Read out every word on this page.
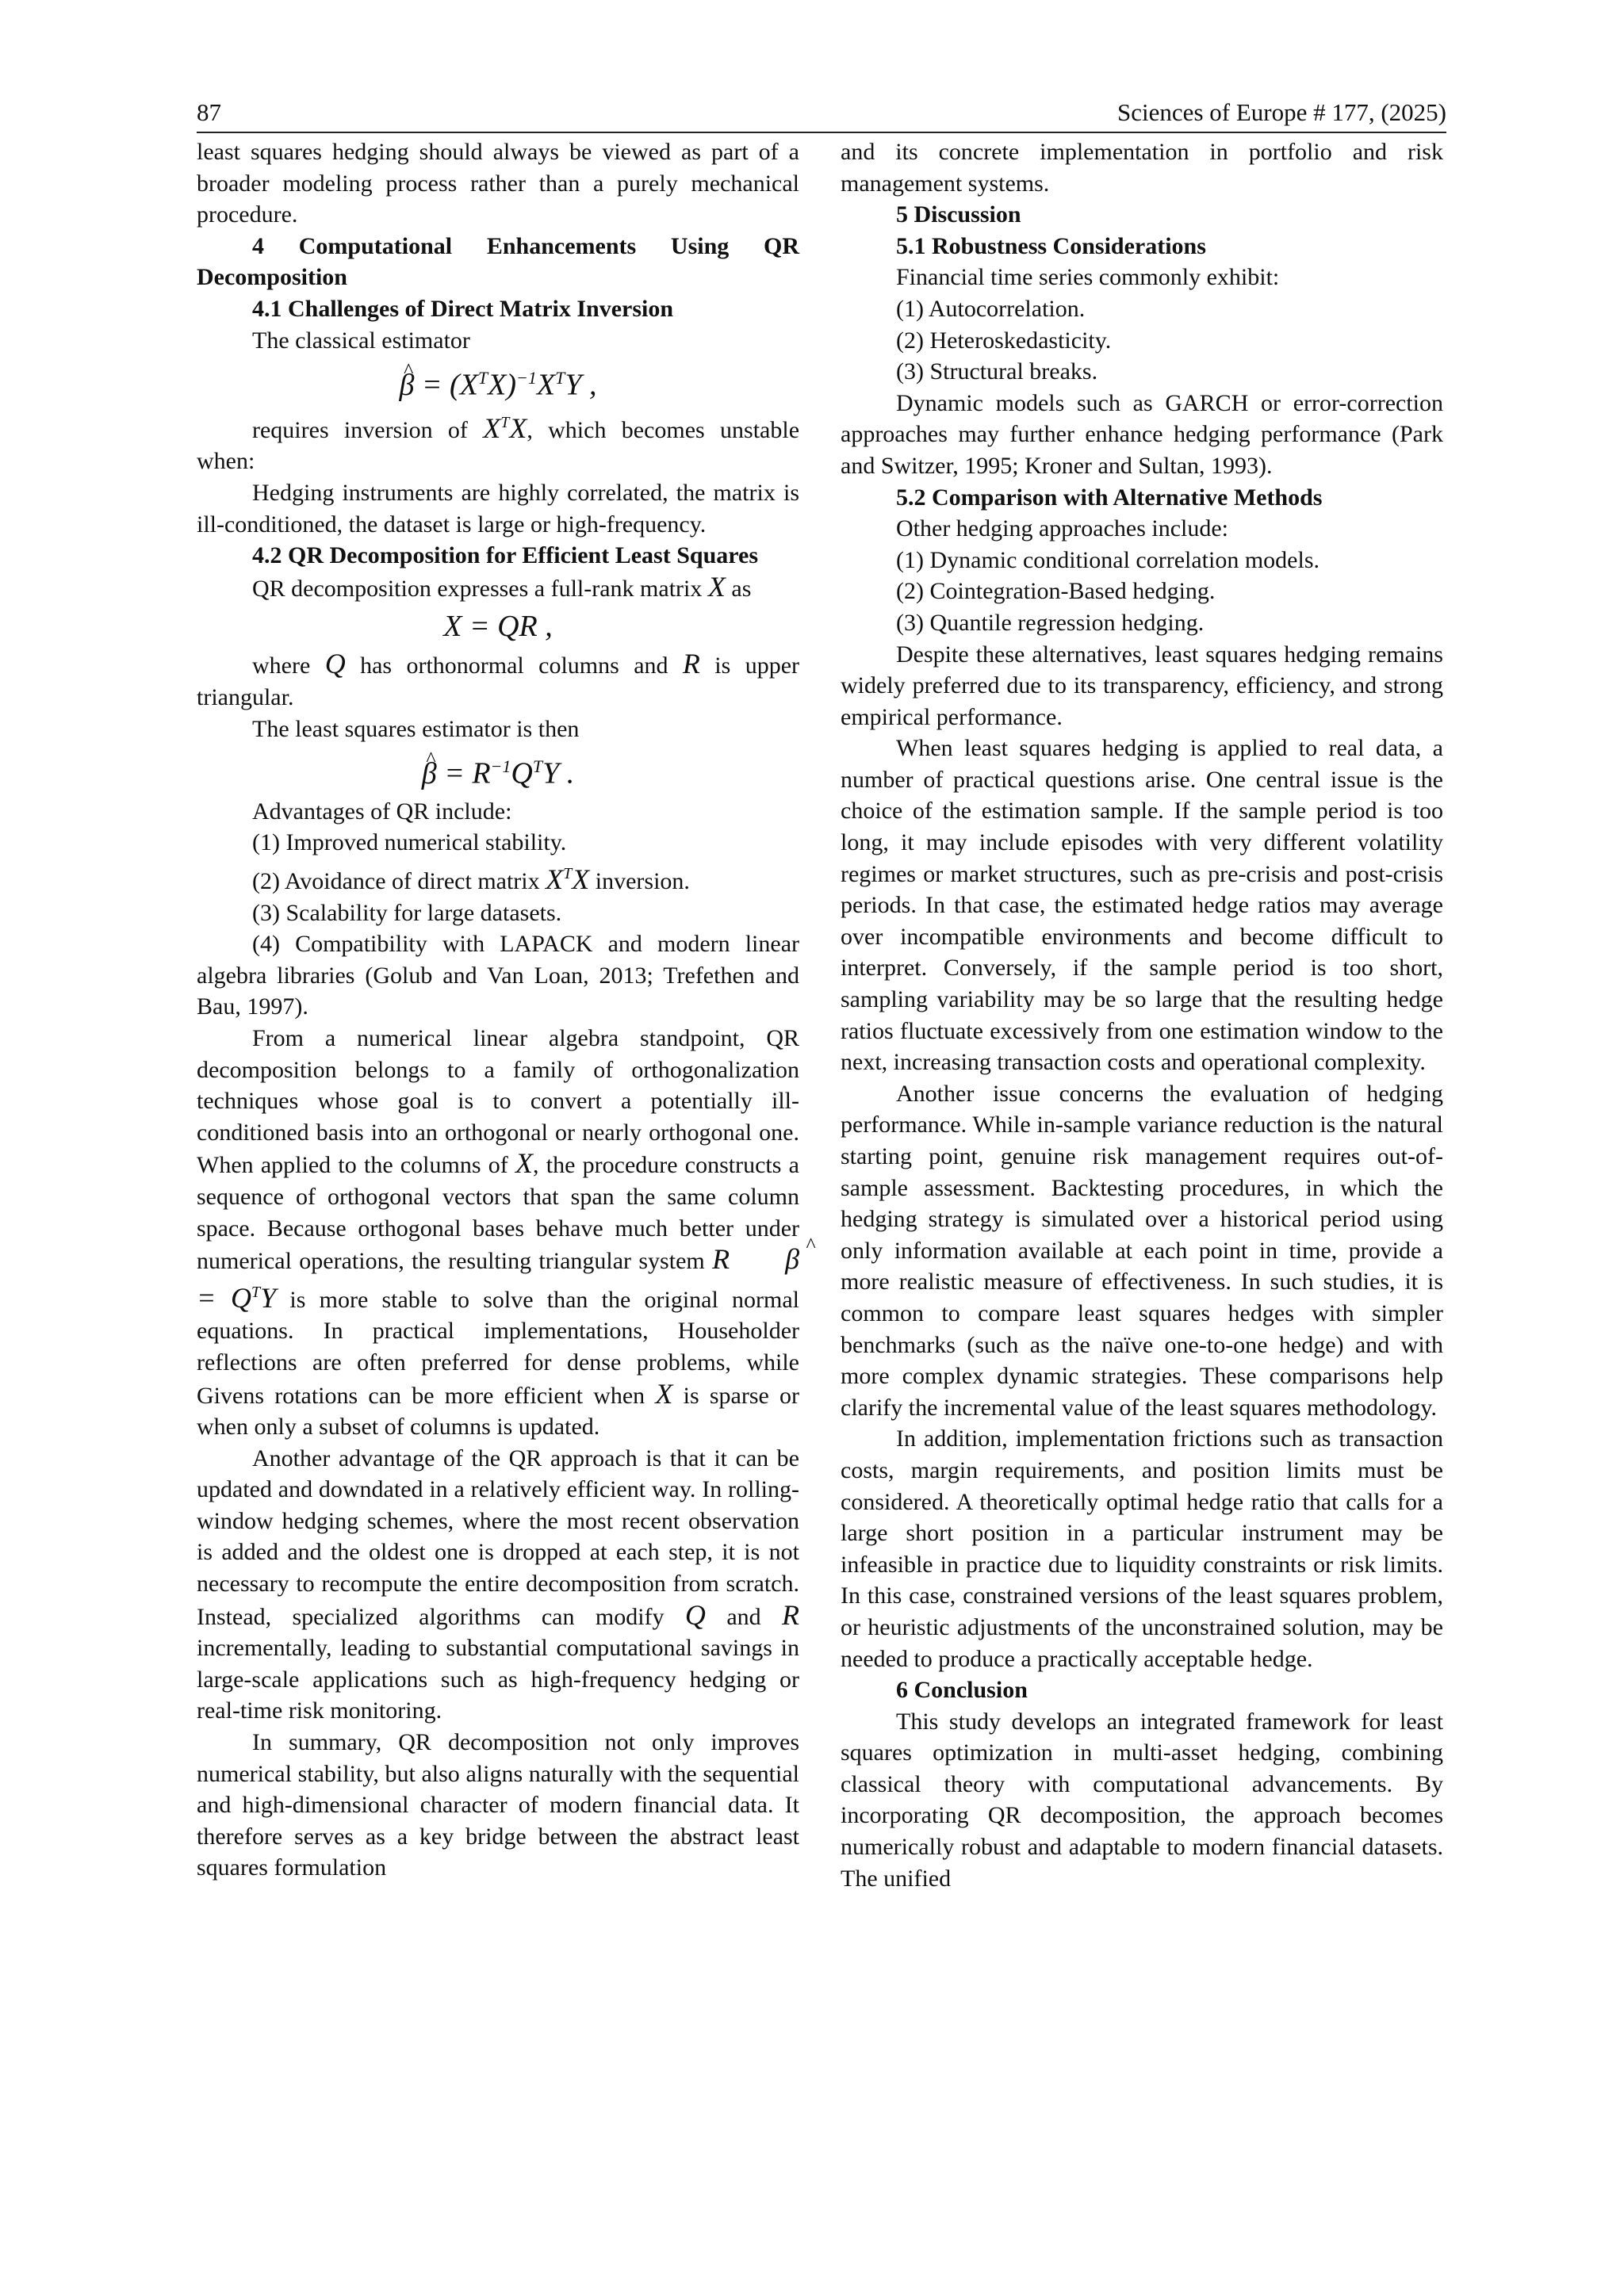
87	Sciences of Europe # 177, (2025)

least squares hedging should always be viewed as part of a broader modeling process rather than a purely mechanical procedure.

4 Computational Enhancements Using QR Decomposition

4.1 Challenges of Direct Matrix Inversion

The classical estimator

^ $\beta = (X^TX)^{-1}X^TY$ ,

requires inversion of $X^TX$, which becomes unstable when:

Hedging instruments are highly correlated, the matrix is ill-conditioned, the dataset is large or high-frequency.

4.2 QR Decomposition for Efficient Least Squares

QR decomposition expresses a full-rank matrix X as

X = QR ,

where Q has orthonormal columns and R is upper triangular.

The least squares estimator is then

^ $\beta = R^{-1}Q^TY$ .

Advantages of QR include:

(1) Improved numerical stability.

(2) Avoidance of direct matrix $X^TX$ inversion.

(3) Scalability for large datasets.

(4) Compatibility with LAPACK and modern linear algebra libraries (Golub and Van Loan, 2013; Trefethen and Bau, 1997).

From a numerical linear algebra standpoint, QR decomposition belongs to a family of orthogonalization techniques whose goal is to convert a potentially ill-conditioned basis into an orthogonal or nearly orthogonal one. When applied to the columns of X, the procedure constructs a sequence of orthogonal vectors that span the same column space. Because orthogonal bases behave much better under numerical operations, the resulting triangular system R^ $\beta = Q^TY$ is more stable to solve than the original normal equations. In practical implementations, Householder reflections are often preferred for dense problems, while Givens rotations can be more efficient when X is sparse or when only a subset of columns is updated.

Another advantage of the QR approach is that it can be updated and downdated in a relatively efficient way. In rolling-window hedging schemes, where the most recent observation is added and the oldest one is dropped at each step, it is not necessary to recompute the entire decomposition from scratch. Instead, specialized algorithms can modify Q and R incrementally, leading to substantial computational savings in large-scale applications such as high-frequency hedging or real-time risk monitoring.

In summary, QR decomposition not only improves numerical stability, but also aligns naturally with the sequential and high-dimensional character of modern financial data. It therefore serves as a key bridge between the abstract least squares formulation

and its concrete implementation in portfolio and risk management systems.

5 Discussion

5.1 Robustness Considerations

Financial time series commonly exhibit:

(1) Autocorrelation.

(2) Heteroskedasticity.

(3) Structural breaks.

Dynamic models such as GARCH or error-correction approaches may further enhance hedging performance (Park and Switzer, 1995; Kroner and Sultan, 1993).

5.2 Comparison with Alternative Methods

Other hedging approaches include:

(1) Dynamic conditional correlation models.

(2) Cointegration-Based hedging.

(3) Quantile regression hedging.

Despite these alternatives, least squares hedging remains widely preferred due to its transparency, efficiency, and strong empirical performance.

When least squares hedging is applied to real data, a number of practical questions arise. One central issue is the choice of the estimation sample. If the sample period is too long, it may include episodes with very different volatility regimes or market structures, such as pre-crisis and post-crisis periods. In that case, the estimated hedge ratios may average over incompatible environments and become difficult to interpret. Conversely, if the sample period is too short, sampling variability may be so large that the resulting hedge ratios fluctuate excessively from one estimation window to the next, increasing transaction costs and operational complexity.

Another issue concerns the evaluation of hedging performance. While in-sample variance reduction is the natural starting point, genuine risk management requires out-of-sample assessment. Backtesting procedures, in which the hedging strategy is simulated over a historical period using only information available at each point in time, provide a more realistic measure of effectiveness. In such studies, it is common to compare least squares hedges with simpler benchmarks (such as the naïve one-to-one hedge) and with more complex dynamic strategies. These comparisons help clarify the incremental value of the least squares methodology.

In addition, implementation frictions such as transaction costs, margin requirements, and position limits must be considered. A theoretically optimal hedge ratio that calls for a large short position in a particular instrument may be infeasible in practice due to liquidity constraints or risk limits. In this case, constrained versions of the least squares problem, or heuristic adjustments of the unconstrained solution, may be needed to produce a practically acceptable hedge.

6 Conclusion

This study develops an integrated framework for least squares optimization in multi-asset hedging, combining classical theory with computational advancements. By incorporating QR decomposition, the approach becomes numerically robust and adaptable to modern financial datasets. The unified
